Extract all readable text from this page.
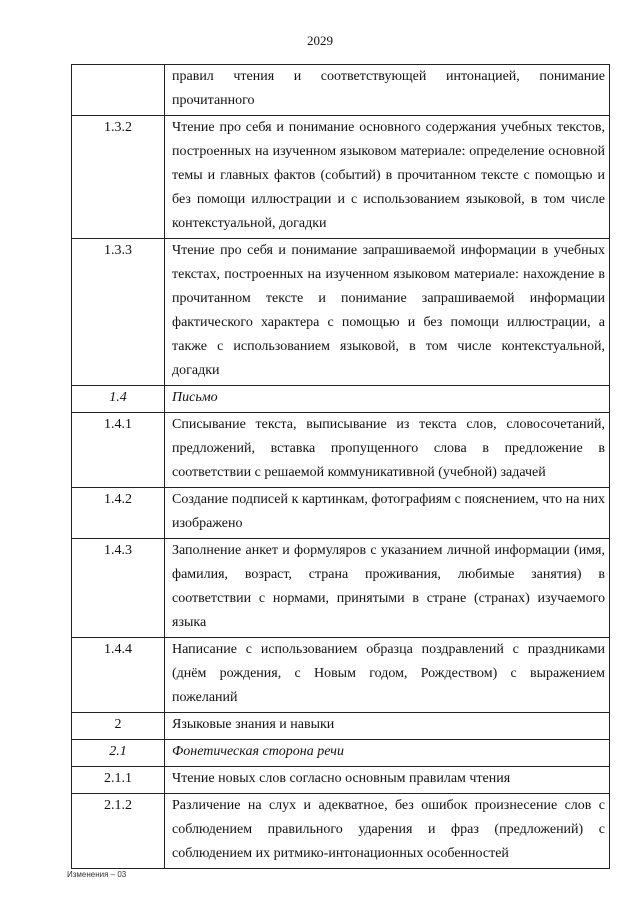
2029
	правил чтения и соответствующей интонацией, понимание прочитанного
1.3.2	Чтение про себя и понимание основного содержания учебных текстов, построенных на изученном языковом материале: определение основной темы и главных фактов (событий) в прочитанном тексте с помощью и без помощи иллюстрации и с использованием языковой, в том числе контекстуальной, догадки
1.3.3	Чтение про себя и понимание запрашиваемой информации в учебных текстах, построенных на изученном языковом материале: нахождение в прочитанном тексте и понимание запрашиваемой информации фактического характера с помощью и без помощи иллюстрации, а также с использованием языковой, в том числе контекстуальной, догадки
1.4	Письмо
1.4.1	Списывание текста, выписывание из текста слов, словосочетаний, предложений, вставка пропущенного слова в предложение в соответствии с решаемой коммуникативной (учебной) задачей
1.4.2	Создание подписей к картинкам, фотографиям с пояснением, что на них изображено
1.4.3	Заполнение анкет и формуляров с указанием личной информации (имя, фамилия, возраст, страна проживания, любимые занятия) в соответствии с нормами, принятыми в стране (странах) изучаемого языка
1.4.4	Написание с использованием образца поздравлений с праздниками (днём рождения, с Новым годом, Рождеством) с выражением пожеланий
2	Языковые знания и навыки
2.1	Фонетическая сторона речи
2.1.1	Чтение новых слов согласно основным правилам чтения
2.1.2	Различение на слух и адекватное, без ошибок произнесение слов с соблюдением правильного ударения и фраз (предложений) с соблюдением их ритмико-интонационных особенностей
Изменения – 03
